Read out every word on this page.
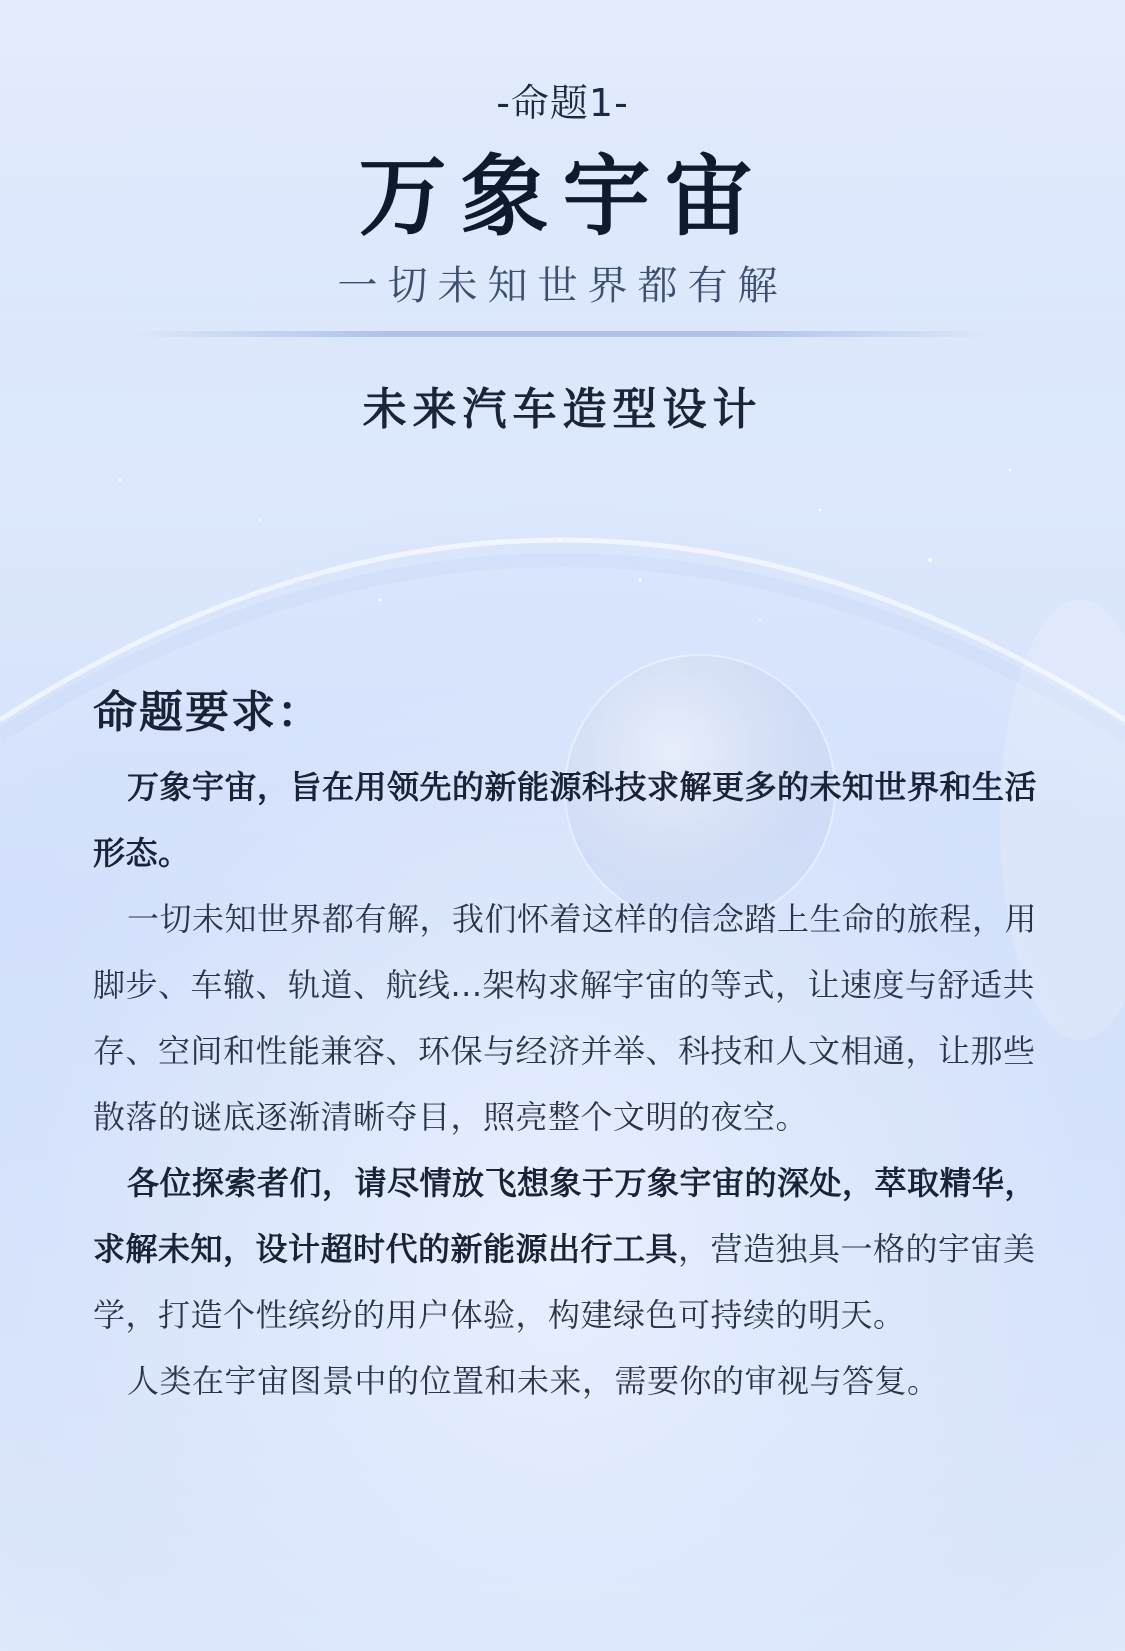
-命题1-
万象宇宙
一切未知世界都有解
未来汽车造型设计
命题要求：

万象宇宙，旨在用领先的新能源科技求解更多的未知世界和生活形态。

一切未知世界都有解，我们怀着这样的信念踏上生命的旅程，用脚步、车辙、轨道、航线...架构求解宇宙的等式，让速度与舒适共存、空间和性能兼容、环保与经济并举、科技和人文相通，让那些散落的谜底逐渐清晰夺目，照亮整个文明的夜空。

各位探索者们，请尽情放飞想象于万象宇宙的深处，萃取精华，求解未知，设计超时代的新能源出行工具，营造独具一格的宇宙美学，打造个性缤纷的用户体验，构建绿色可持续的明天。

人类在宇宙图景中的位置和未来，需要你的审视与答复。
